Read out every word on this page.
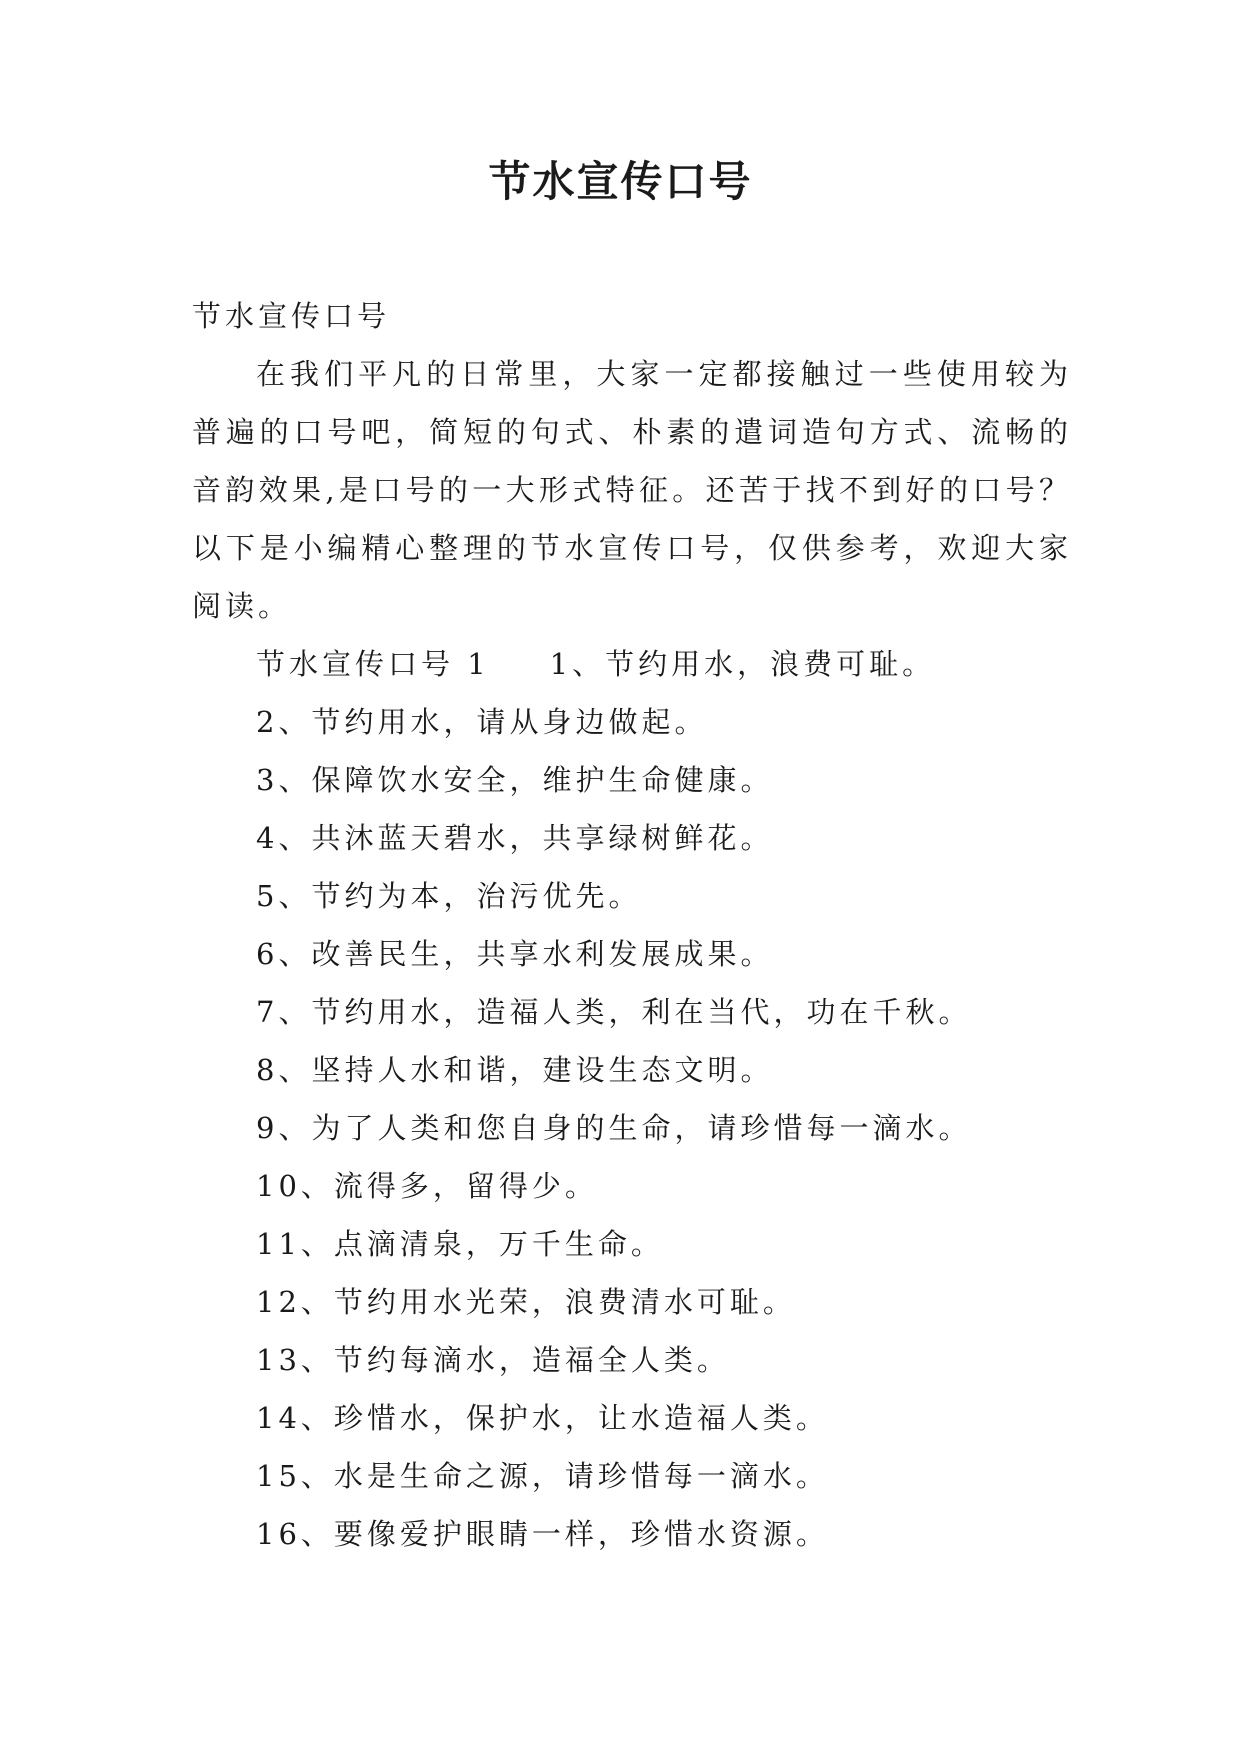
节水宣传口号

节水宣传口号

在我们平凡的日常里，大家一定都接触过一些使用较为普遍的口号吧，简短的句式、朴素的遣词造句方式、流畅的音韵效果,是口号的一大形式特征。还苦于找不到好的口号？以下是小编精心整理的节水宣传口号，仅供参考，欢迎大家阅读。

节水宣传口号 1 1、节约用水，浪费可耻。

2、节约用水，请从身边做起。

3、保障饮水安全，维护生命健康。

4、共沐蓝天碧水，共享绿树鲜花。

5、节约为本，治污优先。

6、改善民生，共享水利发展成果。

7、节约用水，造福人类，利在当代，功在千秋。

8、坚持人水和谐，建设生态文明。

9、为了人类和您自身的生命，请珍惜每一滴水。

10、流得多，留得少。

11、点滴清泉，万千生命。

12、节约用水光荣，浪费清水可耻。

13、节约每滴水，造福全人类。

14、珍惜水，保护水，让水造福人类。

15、水是生命之源，请珍惜每一滴水。

16、要像爱护眼睛一样，珍惜水资源。
